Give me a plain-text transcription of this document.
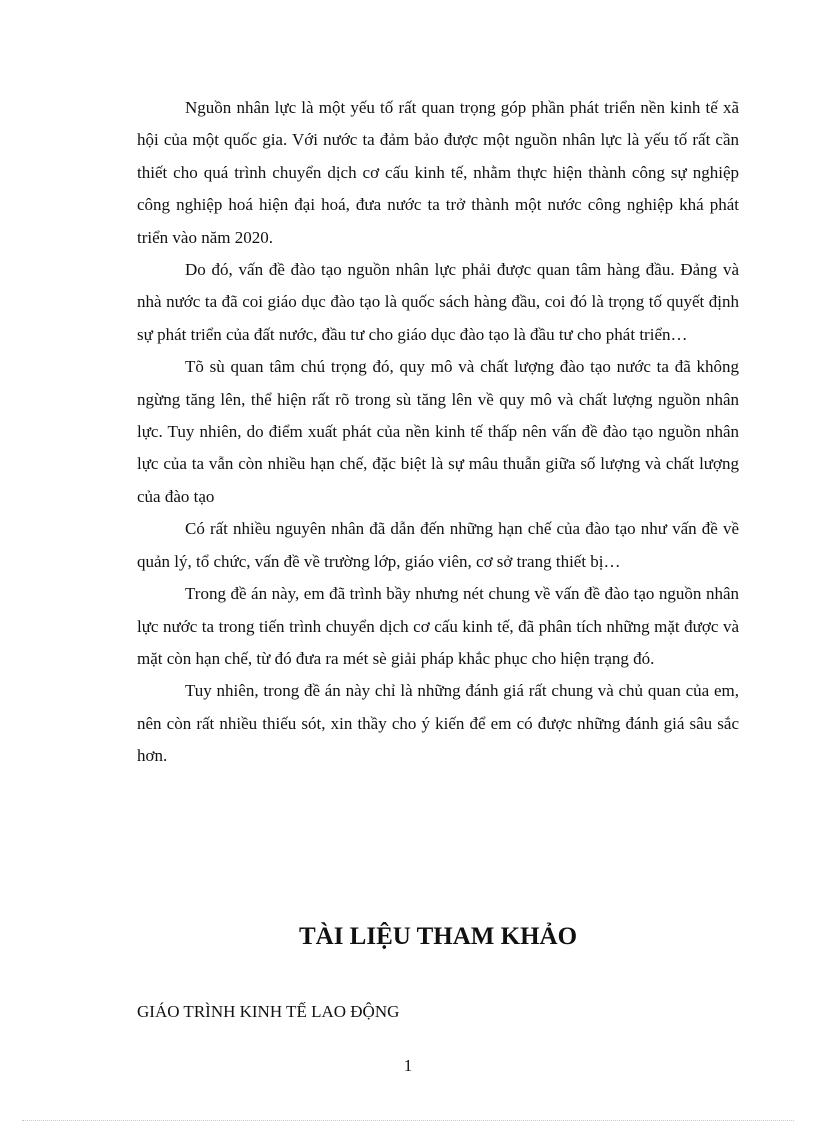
Nguồn nhân lực là một yếu tố rất quan trọng góp phần phát triển nền kinh tế xã hội của một quốc gia. Với nước ta đảm bảo được một nguồn nhân lực là yếu tố rất cần thiết cho quá trình chuyển dịch cơ cấu kinh tế, nhằm thực hiện thành công sự nghiệp công nghiệp hoá hiện đại hoá, đưa nước ta trở thành một nước công nghiệp khá phát triển vào năm 2020.

Do đó, vấn đề đào tạo nguồn nhân lực phải được quan tâm hàng đầu. Đảng và nhà nước ta đã coi giáo dục đào tạo là quốc sách hàng đầu, coi đó là trọng tố quyết định sự phát triển của đất nước, đầu tư cho giáo dục đào tạo là đầu tư cho phát triển…

Tõ sù quan tâm chú trọng đó, quy mô và chất lượng đào tạo nước ta đã không ngừng tăng lên, thể hiện rất rõ trong sù tăng lên về quy mô và chất lượng nguồn nhân lực. Tuy nhiên, do điểm xuất phát của nền kinh tế thấp nên vấn đề đào tạo nguồn nhân lực của ta vẫn còn nhiều hạn chế, đặc biệt là sự mâu thuẫn giữa số lượng và chất lượng của đào tạo

Có rất nhiều nguyên nhân đã dẫn đến những hạn chế của đào tạo như vấn đề về quản lý, tổ chức, vấn đề về trường lớp, giáo viên, cơ sở trang thiết bị…

Trong đề án này, em đã trình bầy nhưng nét chung về vấn đề đào tạo nguồn nhân lực nước ta trong tiến trình chuyển dịch cơ cấu kinh tế, đã phân tích những mặt được và mặt còn hạn chế, từ đó đưa ra mét sè giải pháp khắc phục cho hiện trạng đó.

Tuy nhiên, trong đề án này chỉ là những đánh giá rất chung và chủ quan của em, nên còn rất nhiều thiếu sót, xin thầy cho ý kiến để em có được những đánh giá sâu sắc hơn.

TÀI LIỆU THAM KHẢO

GIÁO TRÌNH KINH TẾ LAO ĐỘNG

1
